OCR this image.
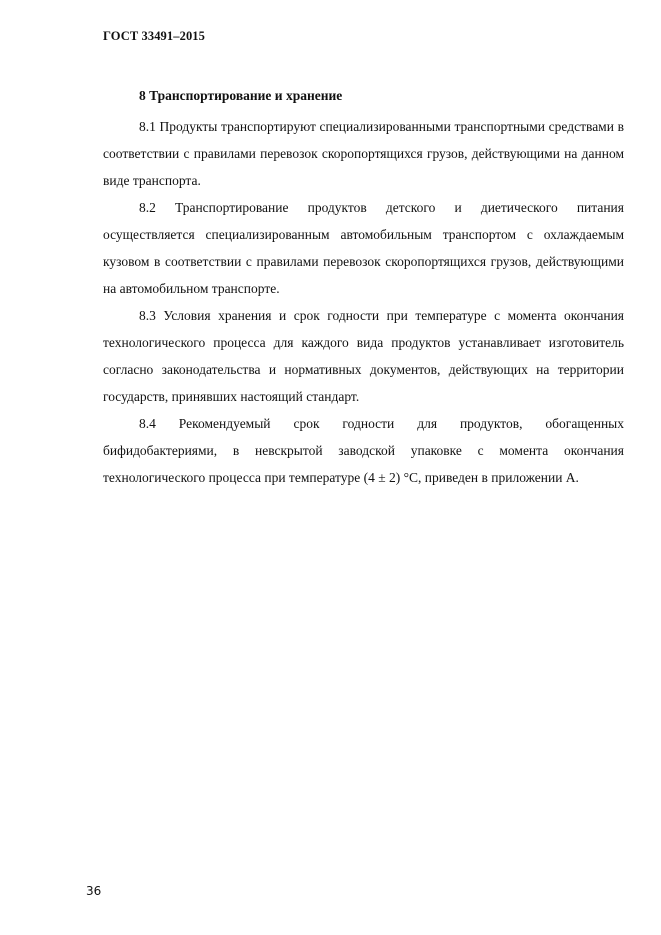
ГОСТ 33491–2015
8 Транспортирование и хранение

8.1 Продукты транспортируют специализированными транспортными средствами в соответствии с правилами перевозок скоропортящихся грузов, действующими на данном виде транспорта.

8.2 Транспортирование продуктов детского и диетического питания осуществляется специализированным автомобильным транспортом с охлаждаемым кузовом в соответствии с правилами перевозок скоропортящихся грузов, действующими на автомобильном транспорте.

8.3 Условия хранения и срок годности при температуре с момента окончания технологического процесса для каждого вида продуктов устанавливает изготовитель согласно законодательства и нормативных документов, действующих на территории государств, принявших настоящий стандарт.

8.4 Рекомендуемый срок годности для продуктов, обогащенных бифидобактериями, в невскрытой заводской упаковке с момента окончания технологического процесса при температуре (4 ± 2) °С, приведен в приложении А.

36
